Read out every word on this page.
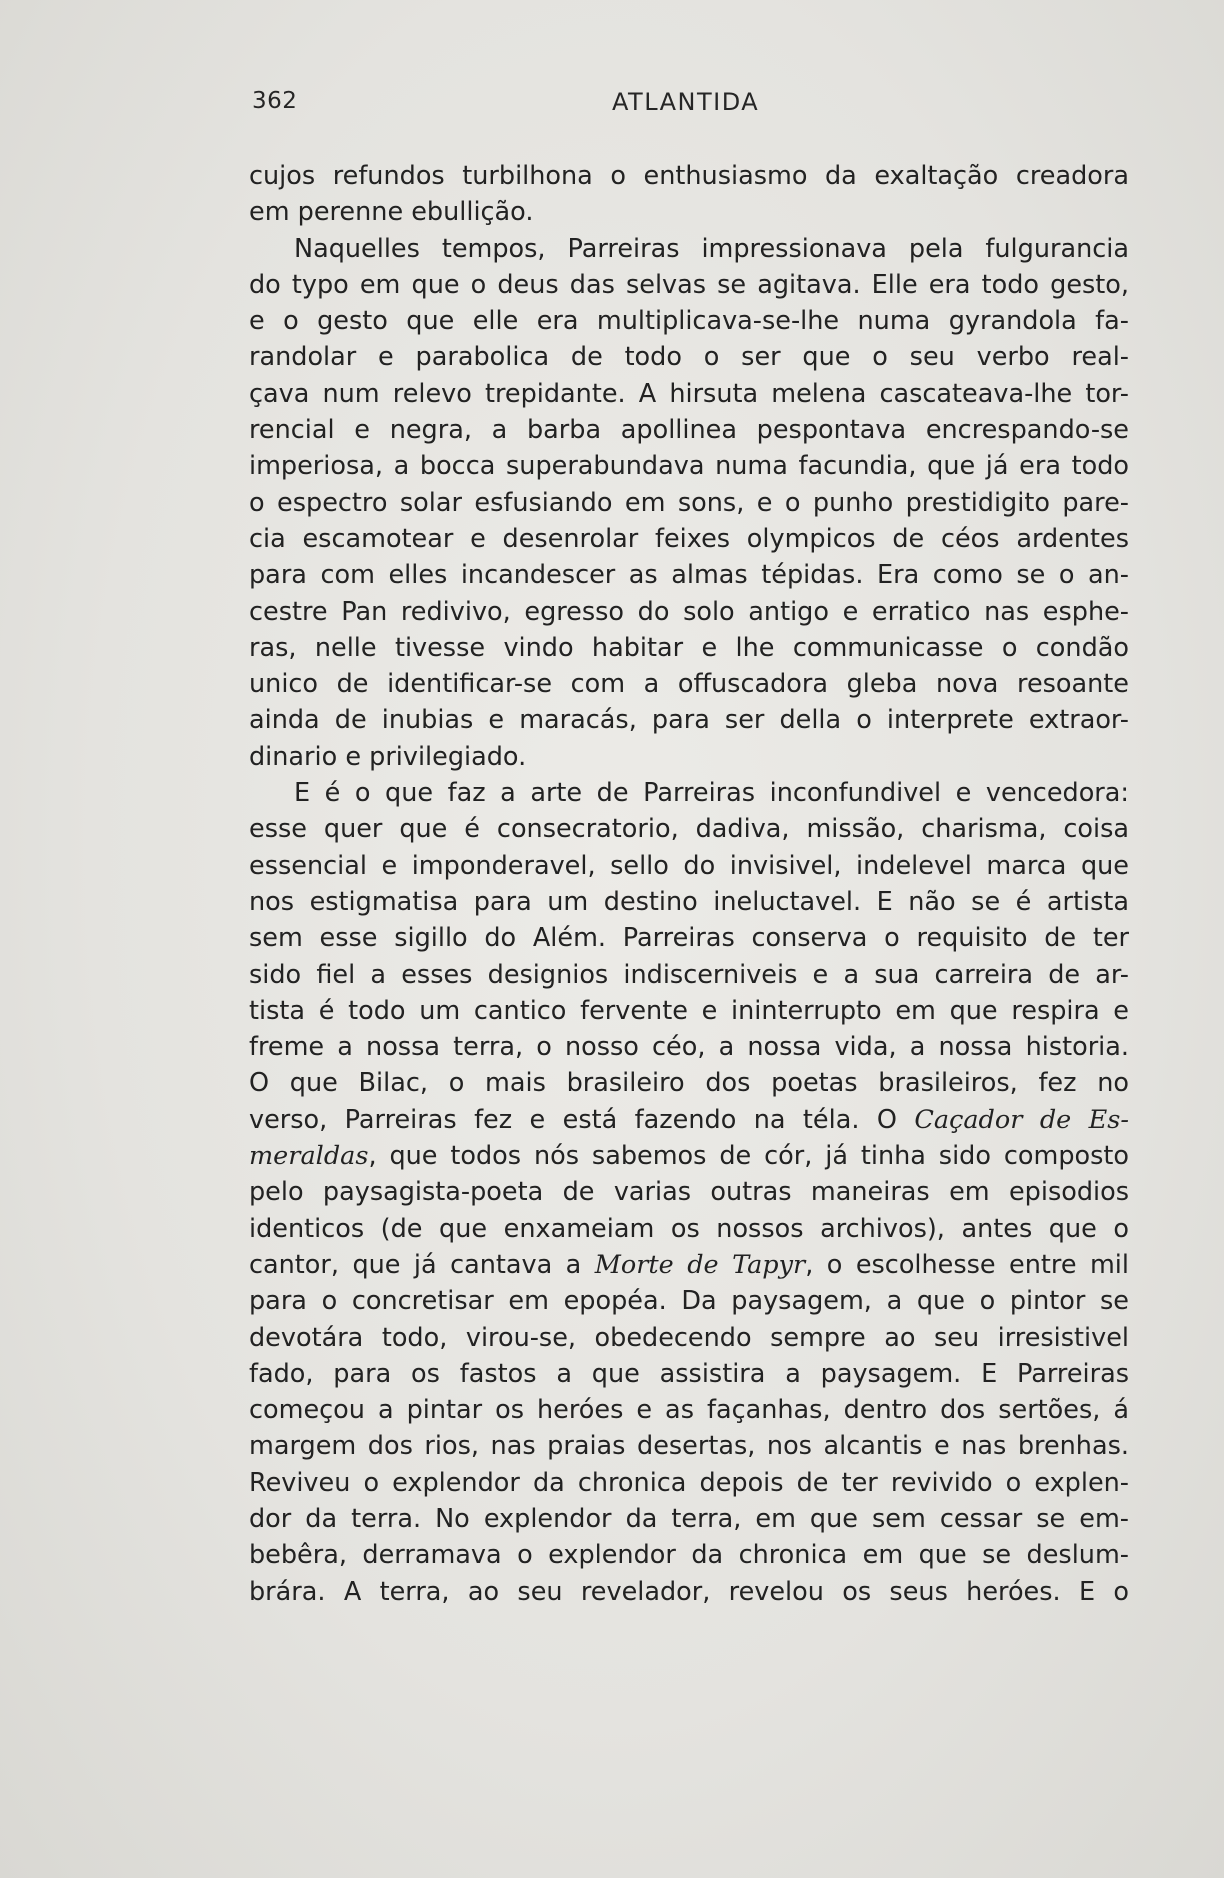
362	ATLANTIDA
cujos refundos turbilhona o enthusiasmo da exaltação creadora
em perenne ebullição.
Naquelles tempos, Parreiras impressionava pela fulgurancia
do typo em que o deus das selvas se agitava. Elle era todo gesto,
e o gesto que elle era multiplicava-se-lhe numa gyrandola fa-
randolar e parabolica de todo o ser que o seu verbo real-
çava num relevo trepidante. A hirsuta melena cascateava-lhe tor-
rencial e negra, a barba apollinea pespontava encrespando-se
imperiosa, a bocca superabundava numa facundia, que já era todo
o espectro solar esfusiando em sons, e o punho prestidigito pare-
cia escamotear e desenrolar feixes olympicos de céos ardentes
para com elles incandescer as almas tépidas. Era como se o an-
cestre Pan redivivo, egresso do solo antigo e erratico nas esphe-
ras, nelle tivesse vindo habitar e lhe communicasse o condão
unico de identificar-se com a offuscadora gleba nova resoante
ainda de inubias e maracás, para ser della o interprete extraor-
dinario e privilegiado.
E é o que faz a arte de Parreiras inconfundivel e vencedora:
esse quer que é consecratorio, dadiva, missão, charisma, coisa
essencial e imponderavel, sello do invisivel, indelevel marca que
nos estigmatisa para um destino ineluctavel. E não se é artista
sem esse sigillo do Além. Parreiras conserva o requisito de ter
sido fiel a esses designios indiscerniveis e a sua carreira de ar-
tista é todo um cantico fervente e ininterrupto em que respira e
freme a nossa terra, o nosso céo, a nossa vida, a nossa historia.
O que Bilac, o mais brasileiro dos poetas brasileiros, fez no
verso, Parreiras fez e está fazendo na téla. O Caçador de Es-
meraldas, que todos nós sabemos de cór, já tinha sido composto
pelo paysagista-poeta de varias outras maneiras em episodios
identicos (de que enxameiam os nossos archivos), antes que o
cantor, que já cantava a Morte de Tapyr, o escolhesse entre mil
para o concretisar em epopéa. Da paysagem, a que o pintor se
devotára todo, virou-se, obedecendo sempre ao seu irresistivel
fado, para os fastos a que assistira a paysagem. E Parreiras
começou a pintar os heróes e as façanhas, dentro dos sertões, á
margem dos rios, nas praias desertas, nos alcantis e nas brenhas.
Reviveu o explendor da chronica depois de ter revivido o explen-
dor da terra. No explendor da terra, em que sem cessar se em-
bebêra, derramava o explendor da chronica em que se deslum-
brára. A terra, ao seu revelador, revelou os seus heróes. E o
